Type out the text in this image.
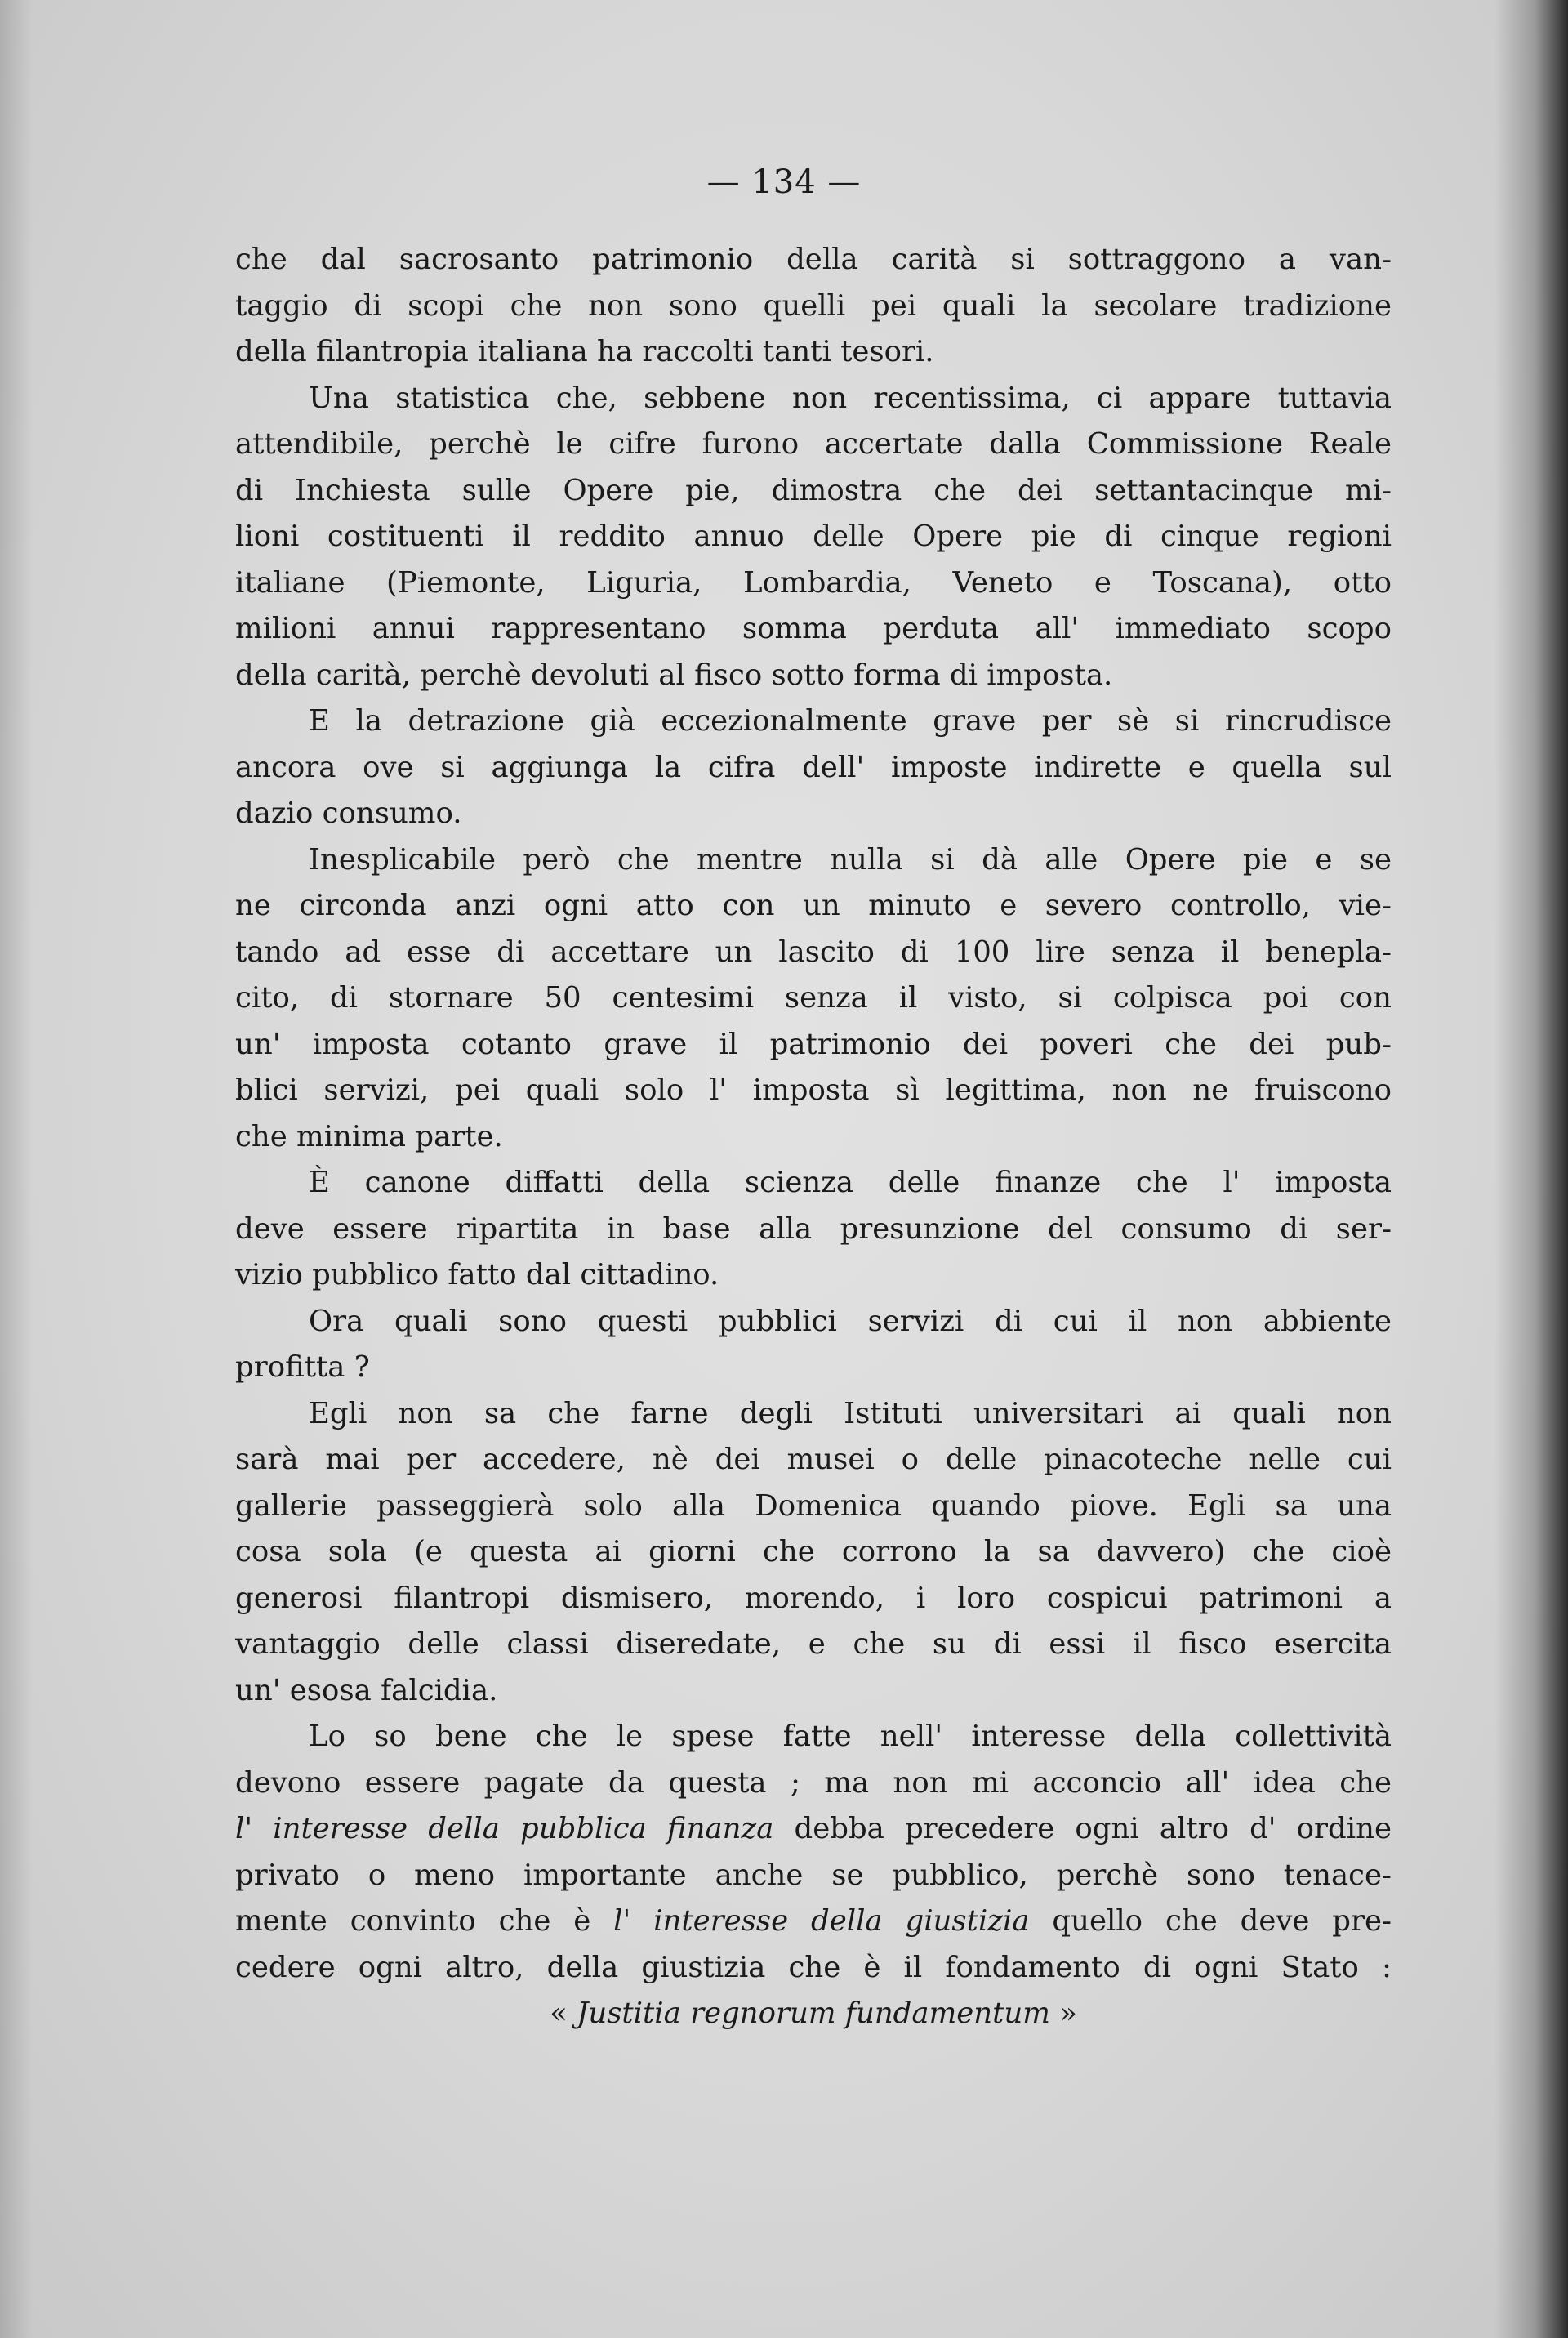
— 134 —
che dal sacrosanto patrimonio della carità si sottraggono a van-
taggio di scopi che non sono quelli pei quali la secolare tradizione
della filantropia italiana ha raccolti tanti tesori.
Una statistica che, sebbene non recentissima, ci appare tuttavia
attendibile, perchè le cifre furono accertate dalla Commissione Reale
di Inchiesta sulle Opere pie, dimostra che dei settantacinque mi-
lioni costituenti il reddito annuo delle Opere pie di cinque regioni
italiane (Piemonte, Liguria, Lombardia, Veneto e Toscana), otto
milioni annui rappresentano somma perduta all' immediato scopo
della carità, perchè devoluti al fisco sotto forma di imposta.
E la detrazione già eccezionalmente grave per sè si rincrudisce
ancora ove si aggiunga la cifra dell' imposte indirette e quella sul
dazio consumo.
Inesplicabile però che mentre nulla si dà alle Opere pie e se
ne circonda anzi ogni atto con un minuto e severo controllo, vie-
tando ad esse di accettare un lascito di 100 lire senza il benepla-
cito, di stornare 50 centesimi senza il visto, si colpisca poi con
un' imposta cotanto grave il patrimonio dei poveri che dei pub-
blici servizi, pei quali solo l' imposta sì legittima, non ne fruiscono
che minima parte.
È canone diffatti della scienza delle finanze che l' imposta
deve essere ripartita in base alla presunzione del consumo di ser-
vizio pubblico fatto dal cittadino.
Ora quali sono questi pubblici servizi di cui il non abbiente
profitta ?
Egli non sa che farne degli Istituti universitari ai quali non
sarà mai per accedere, nè dei musei o delle pinacoteche nelle cui
gallerie passeggierà solo alla Domenica quando piove. Egli sa una
cosa sola (e questa ai giorni che corrono la sa davvero) che cioè
generosi filantropi dismisero, morendo, i loro cospicui patrimoni a
vantaggio delle classi diseredate, e che su di essi il fisco esercita
un' esosa falcidia.
Lo so bene che le spese fatte nell' interesse della collettività
devono essere pagate da questa ; ma non mi acconcio all' idea che
l' interesse della pubblica finanza debba precedere ogni altro d' ordine
privato o meno importante anche se pubblico, perchè sono tenace-
mente convinto che è l' interesse della giustizia quello che deve pre-
cedere ogni altro, della giustizia che è il fondamento di ogni Stato :
« Justitia regnorum fundamentum »
